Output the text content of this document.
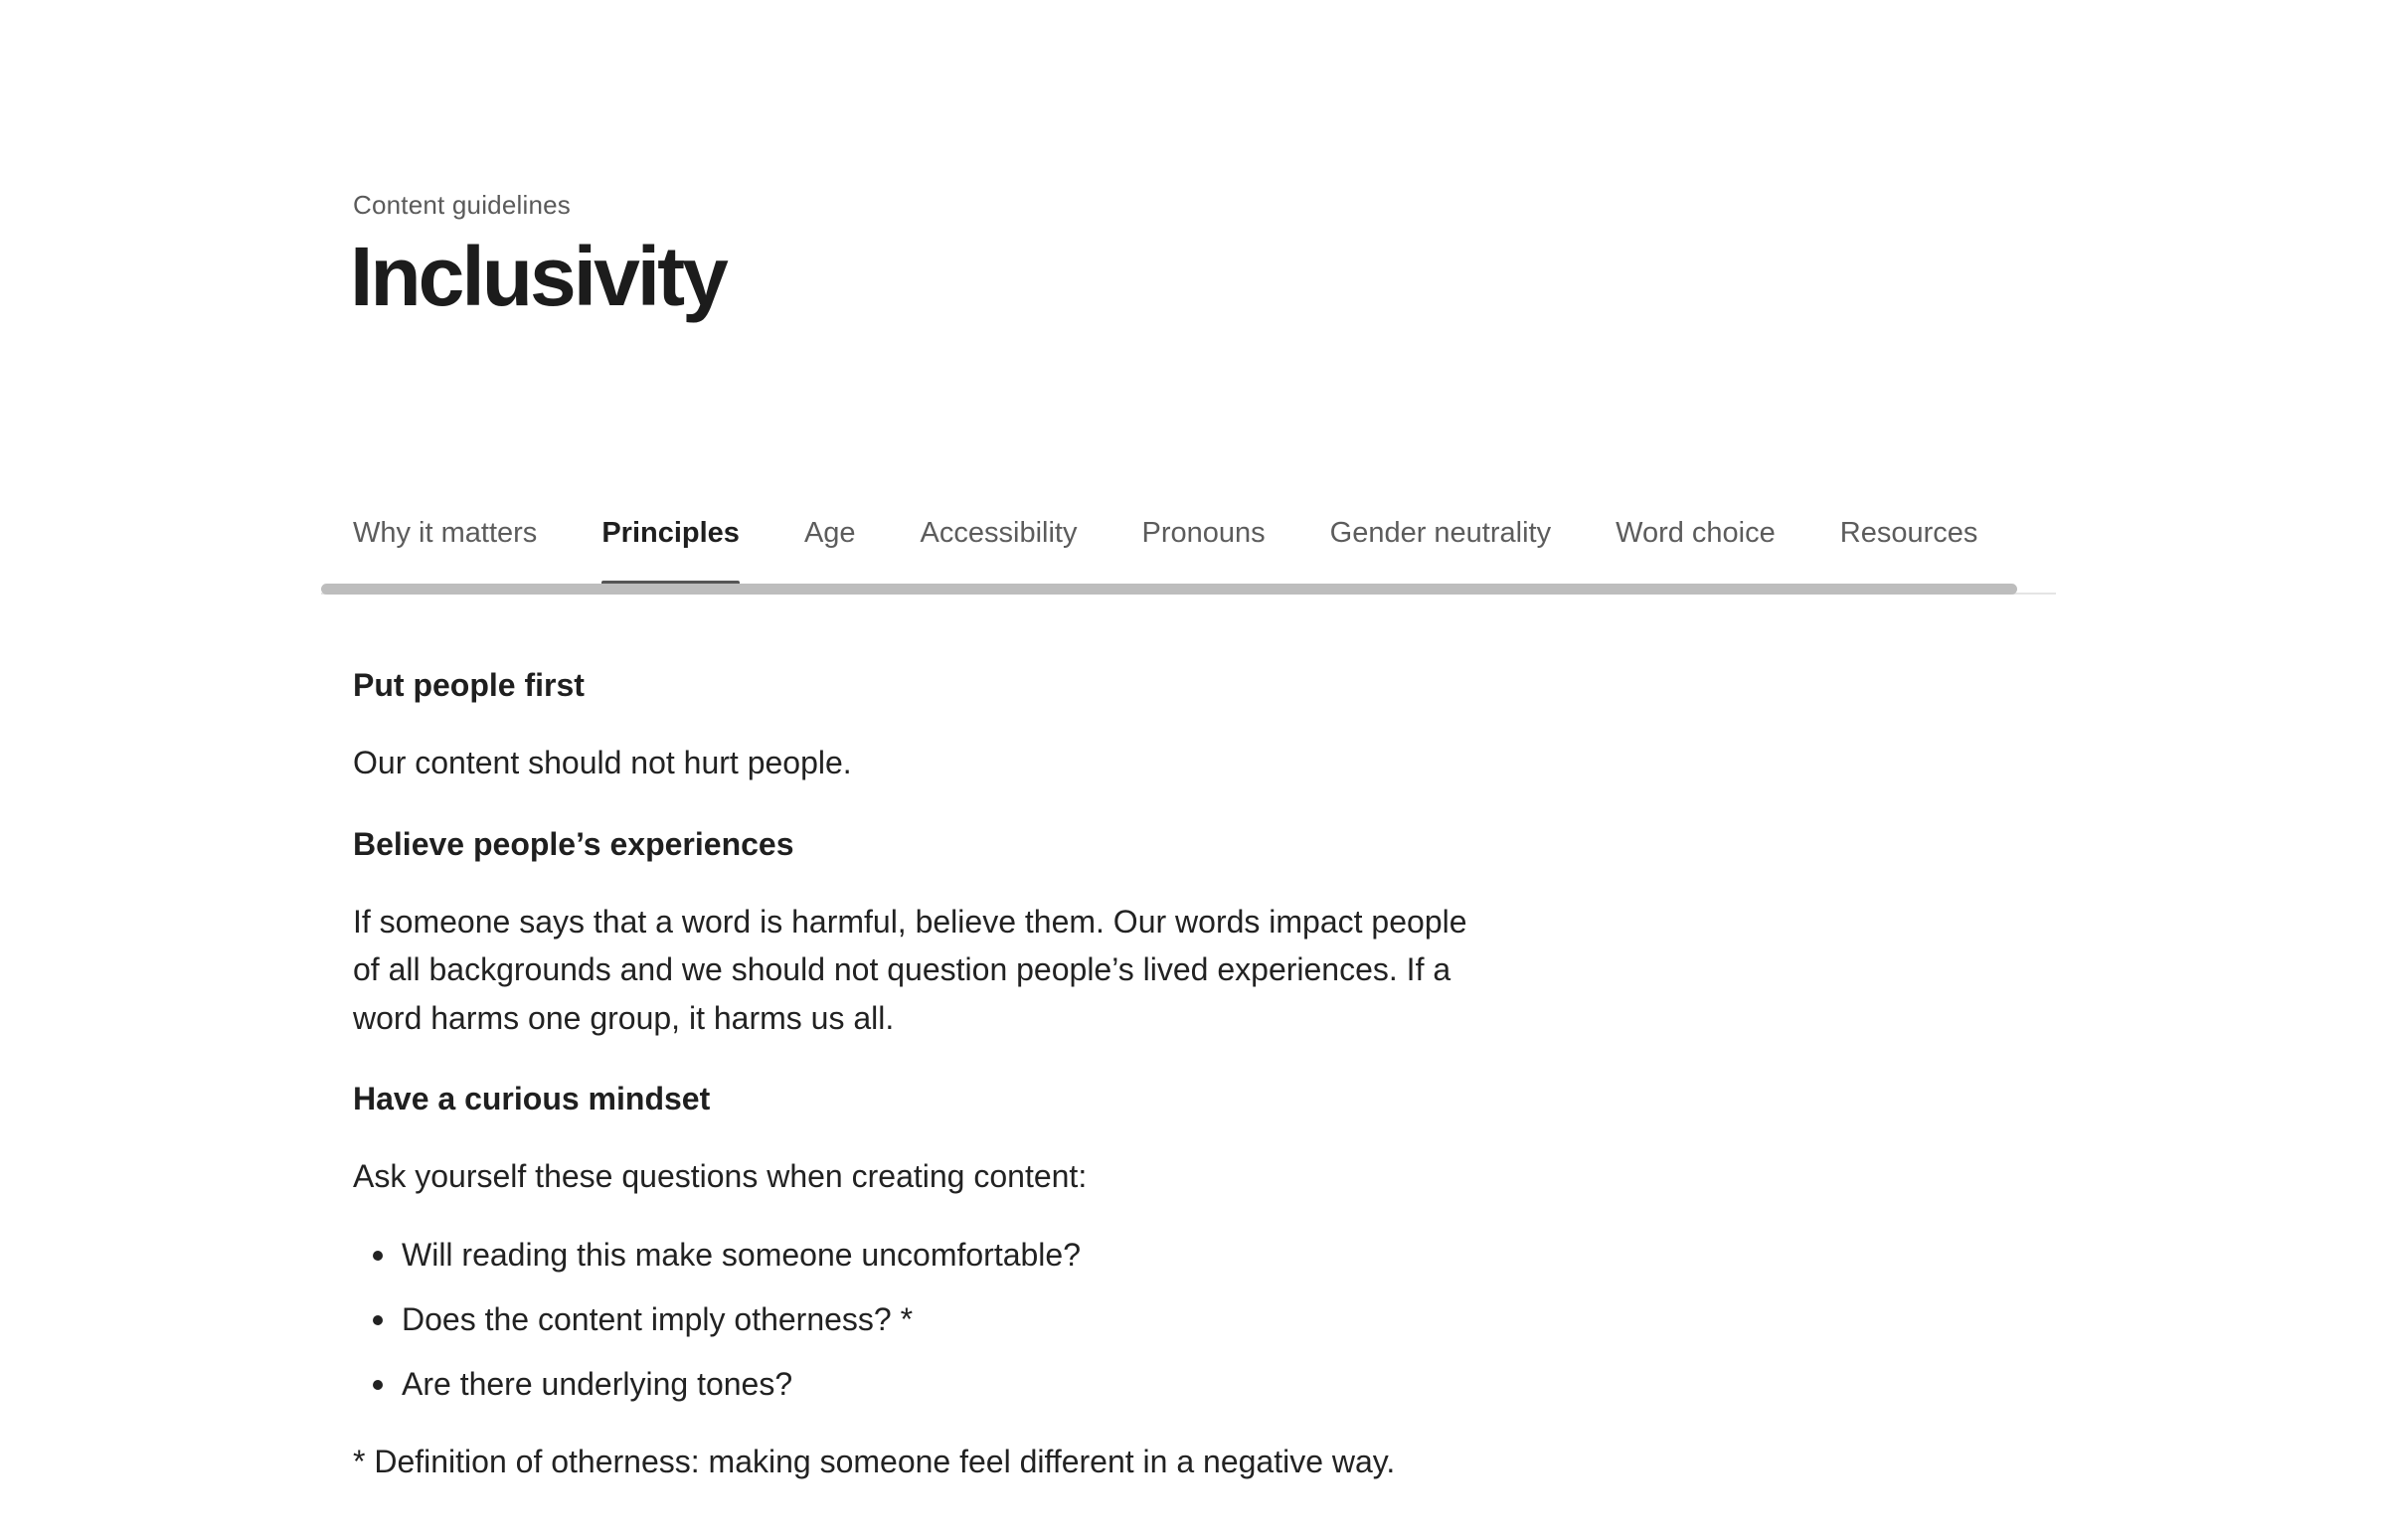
Content guidelines
Inclusivity
Why it matters Principles Age Accessibility Pronouns Gender neutrality Word choice Resources
Put people first
Our content should not hurt people.
Believe people’s experiences
If someone says that a word is harmful, believe them. Our words impact people of all backgrounds and we should not question people’s lived experiences. If a word harms one group, it harms us all.
Have a curious mindset
Ask yourself these questions when creating content:
Will reading this make someone uncomfortable?
Does the content imply otherness? *
Are there underlying tones?
* Definition of otherness: making someone feel different in a negative way.
